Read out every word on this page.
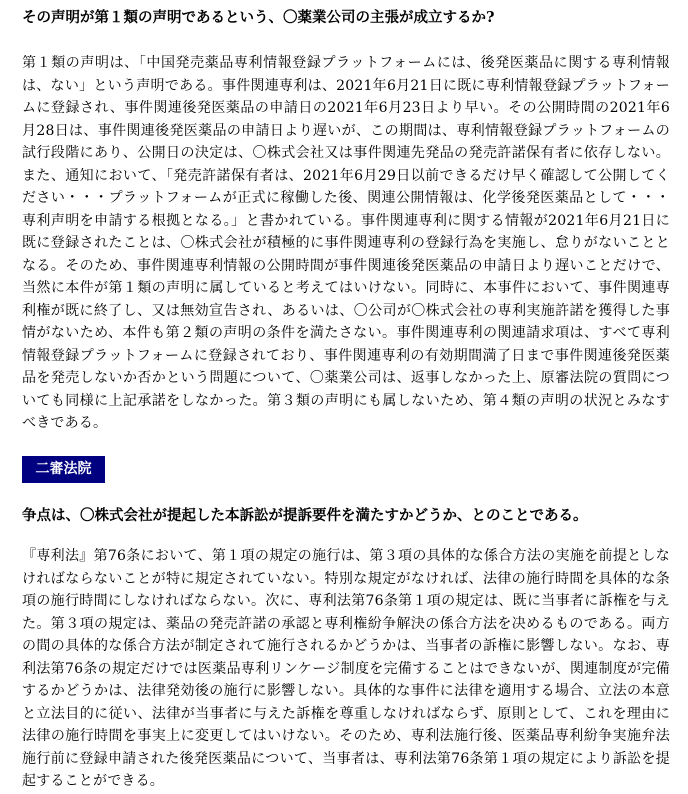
その声明が第１類の声明であるという、〇薬業公司の主張が成立するか?
第１類の声明は、「中国発売薬品専利情報登録プラットフォームには、後発医薬品に関する専利情報は、ない」という声明である。事件関連専利は、2021年6月21日に既に専利情報登録プラットフォームに登録され、事件関連後発医薬品の申請日の2021年6月23日より早い。その公開時間の2021年6月28日は、事件関連後発医薬品の申請日より遅いが、この期間は、専利情報登録プラットフォームの試行段階にあり、公開日の決定は、〇株式会社又は事件関連先発品の発売許諾保有者に依存しない。また、通知において、「発売許諾保有者は、2021年6月29日以前できるだけ早く確認して公開してください・・・プラットフォームが正式に稼働した後、関連公開情報は、化学後発医薬品として・・・専利声明を申請する根拠となる。」と書かれている。事件関連専利に関する情報が2021年6月21日に既に登録されたことは、〇株式会社が積極的に事件関連専利の登録行為を実施し、怠りがないこととなる。そのため、事件関連専利情報の公開時間が事件関連後発医薬品の申請日より遅いことだけで、当然に本件が第１類の声明に属していると考えてはいけない。同時に、本事件において、事件関連専利権が既に終了し、又は無効宣告され、あるいは、〇公司が〇株式会社の専利実施許諾を獲得した事情がないため、本件も第２類の声明の条件を満たさない。事件関連専利の関連請求項は、すべて専利情報登録プラットフォームに登録されており、事件関連専利の有効期間満了日まで事件関連後発医薬品を発売しないか否かという問題について、〇薬業公司は、返事しなかった上、原審法院の質問についても同様に上記承諾をしなかった。第３類の声明にも属しないため、第４類の声明の状況とみなすべきである。
二審法院
争点は、〇株式会社が提起した本訴訟が提訴要件を満たすかどうか、とのことである。
『専利法』第76条において、第１項の規定の施行は、第３項の具体的な係合方法の実施を前提としなければならないことが特に規定されていない。特別な規定がなければ、法律の施行時間を具体的な条項の施行時間にしなければならない。次に、専利法第76条第１項の規定は、既に当事者に訴権を与えた。第３項の規定は、薬品の発売許諾の承認と専利権紛争解決の係合方法を决めるものである。両方の間の具体的な係合方法が制定されて施行されるかどうかは、当事者の訴権に影響しない。なお、専利法第76条の規定だけでは医薬品専利リンケージ制度を完備することはできないが、関連制度が完備するかどうかは、法律発効後の施行に影響しない。具体的な事件に法律を適用する場合、立法の本意と立法目的に従い、法律が当事者に与えた訴権を尊重しなければならず、原則として、これを理由に法律の施行時間を事実上に変更してはいけない。そのため、専利法施行後、医薬品専利紛争実施弁法施行前に登録申請された後発医薬品について、当事者は、専利法第76条第１項の規定により訴訟を提起することができる。
